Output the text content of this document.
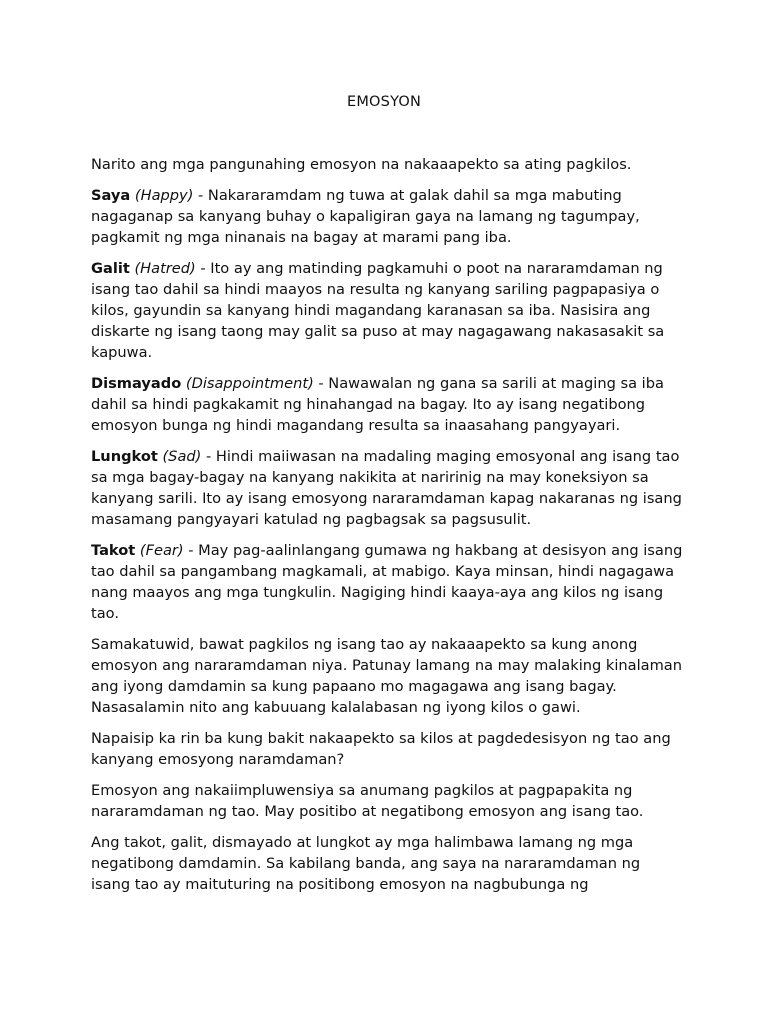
EMOSYON

Narito ang mga pangunahing emosyon na nakaaapekto sa ating pagkilos.

Saya (Happy) - Nakararamdam ng tuwa at galak dahil sa mga mabuting nagaganap sa kanyang buhay o kapaligiran gaya na lamang ng tagumpay, pagkamit ng mga ninanais na bagay at marami pang iba.

Galit (Hatred) - Ito ay ang matinding pagkamuhi o poot na nararamdaman ng isang tao dahil sa hindi maayos na resulta ng kanyang sariling pagpapasiya o kilos, gayundin sa kanyang hindi magandang karanasan sa iba. Nasisira ang diskarte ng isang taong may galit sa puso at may nagagawang nakasasakit sa kapuwa.

Dismayado (Disappointment) - Nawawalan ng gana sa sarili at maging sa iba dahil sa hindi pagkakamit ng hinahangad na bagay. Ito ay isang negatibong emosyon bunga ng hindi magandang resulta sa inaasahang pangyayari.

Lungkot (Sad) - Hindi maiiwasan na madaling maging emosyonal ang isang tao sa mga bagay-bagay na kanyang nakikita at naririnig na may koneksiyon sa kanyang sarili. Ito ay isang emosyong nararamdaman kapag nakaranas ng isang masamang pangyayari katulad ng pagbagsak sa pagsusulit.

Takot (Fear) - May pag-aalinlangang gumawa ng hakbang at desisyon ang isang tao dahil sa pangambang magkamali, at mabigo. Kaya minsan, hindi nagagawa nang maayos ang mga tungkulin. Nagiging hindi kaaya-aya ang kilos ng isang tao.

Samakatuwid, bawat pagkilos ng isang tao ay nakaaapekto sa kung anong emosyon ang nararamdaman niya. Patunay lamang na may malaking kinalaman ang iyong damdamin sa kung papaano mo magagawa ang isang bagay. Nasasalamin nito ang kabuuang kalalabasan ng iyong kilos o gawi.

Napaisip ka rin ba kung bakit nakaapekto sa kilos at pagdedesisyon ng tao ang kanyang emosyong naramdaman?

Emosyon ang nakaiimpluwensiya sa anumang pagkilos at pagpapakita ng nararamdaman ng tao. May positibo at negatibong emosyon ang isang tao.

Ang takot, galit, dismayado at lungkot ay mga halimbawa lamang ng mga negatibong damdamin. Sa kabilang banda, ang saya na nararamdaman ng isang tao ay maituturing na positibong emosyon na nagbubunga ng
